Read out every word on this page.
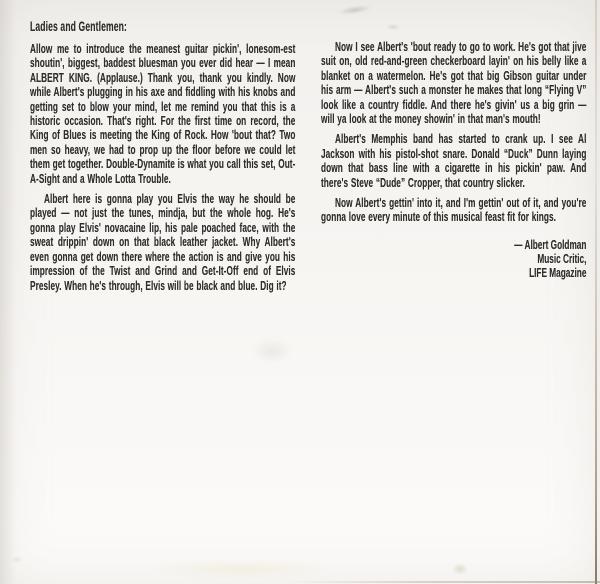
Ladies and Gentlemen:

Allow me to introduce the meanest guitar pickin', lonesom-est shoutin', biggest, baddest bluesman you ever did hear — I mean ALBERT KING. (Applause.) Thank you, thank you kindly. Now while Albert's plugging in his axe and fiddling with his knobs and getting set to blow your mind, let me remind you that this is a historic occasion. That's right. For the first time on record, the King of Blues is meeting the King of Rock. How 'bout that? Two men so heavy, we had to prop up the floor before we could let them get together. Double-Dynamite is what you call this set, Out-A-Sight and a Whole Lotta Trouble.

Albert here is gonna play you Elvis the way he should be played — not just the tunes, mindja, but the whole hog. He's gonna play Elvis' novacaine lip, his pale poached face, with the sweat drippin' down on that black leather jacket. Why Albert's even gonna get down there where the action is and give you his impression of the Twist and Grind and Get-It-Off end of Elvis Presley. When he's through, Elvis will be black and blue. Dig it?

Now I see Albert's 'bout ready to go to work. He's got that jive suit on, old red-and-green checkerboard layin' on his belly like a blanket on a watermelon. He's got that big Gibson guitar under his arm — Albert's such a monster he makes that long “Flying V” look like a country fiddle. And there he's givin' us a big grin — will ya look at the money showin' in that man's mouth!

Albert's Memphis band has started to crank up. I see Al Jackson with his pistol-shot snare. Donald “Duck” Dunn laying down that bass line with a cigarette in his pickin' paw. And there's Steve “Dude” Cropper, that country slicker.

Now Albert's gettin' into it, and I'm gettin' out of it, and you're gonna love every minute of this musical feast fit for kings.

— Albert Goldman
Music Critic,
LIFE Magazine
